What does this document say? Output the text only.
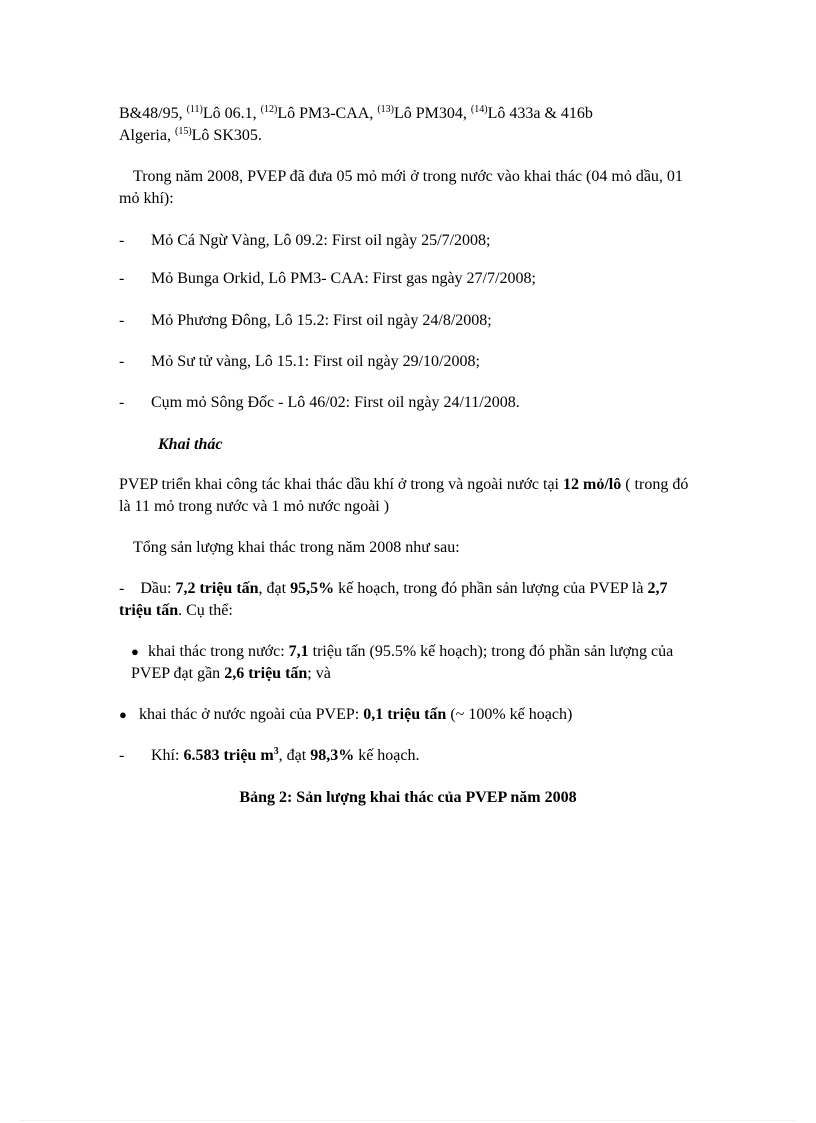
B&48/95, $^{(11)}$Lô 06.1, $^{(12)}$Lô PM3-CAA, $^{(13)}$Lô PM304, $^{(14)}$Lô 433a & 416b
Algeria, $^{(15)}$Lô SK305.

Trong năm 2008, PVEP đã đưa 05 mỏ mới ở trong nước vào khai thác (04 mỏ dầu, 01 mỏ khí):

- Mỏ Cá Ngừ Vàng, Lô 09.2: First oil ngày 25/7/2008;

- Mỏ Bunga Orkid, Lô PM3- CAA: First gas ngày 27/7/2008;

- Mỏ Phương Đông, Lô 15.2: First oil ngày 24/8/2008;

- Mỏ Sư tử vàng, Lô 15.1: First oil ngày 29/10/2008;

- Cụm mỏ Sông Đốc - Lô 46/02: First oil ngày 24/11/2008.

Khai thác

PVEP triển khai công tác khai thác dầu khí ở trong và ngoài nước tại 12 mỏ/lô ( trong đó là 11 mỏ trong nước và 1 mỏ nước ngoài )

Tổng sản lượng khai thác trong năm 2008 như sau:

- Dầu: 7,2 triệu tấn, đạt 95,5% kế hoạch, trong đó phần sản lượng của PVEP là 2,7 triệu tấn. Cụ thể:

● khai thác trong nước: 7,1 triệu tấn (95.5% kế hoạch); trong đó phần sản lượng của PVEP đạt gần 2,6 triệu tấn; và

● khai thác ở nước ngoài của PVEP: 0,1 triệu tấn (~ 100% kế hoạch)

- Khí: 6.583 triệu $m^3$, đạt 98,3% kế hoạch.

Bảng 2: Sản lượng khai thác của PVEP năm 2008
